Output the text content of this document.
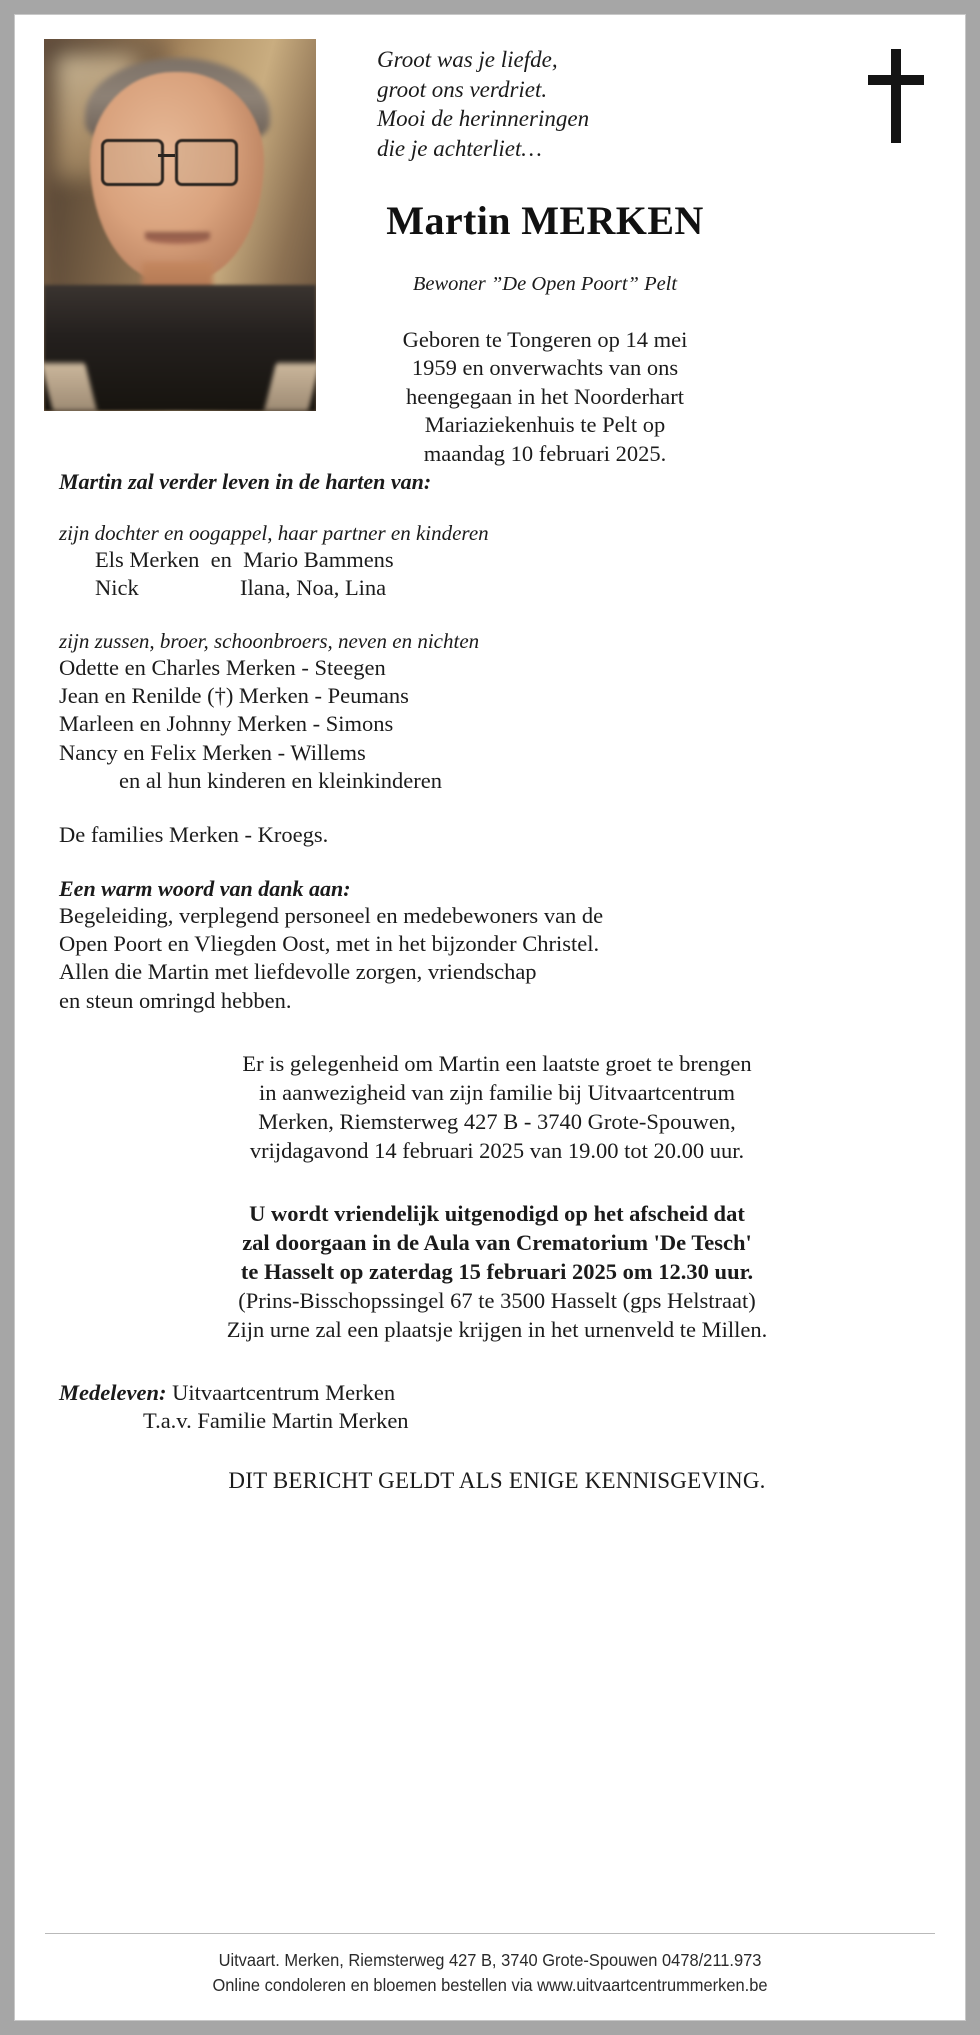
Groot was je liefde,
groot ons verdriet.
Mooi de herinneringen
die je achterliet…
Martin MERKEN
Bewoner ”De Open Poort” Pelt
Geboren te Tongeren op 14 mei
1959 en onverwachts van ons
heengegaan in het Noorderhart
Mariaziekenhuis te Pelt op
maandag 10 februari 2025.
Martin zal verder leven in de harten van:
zijn dochter en oogappel, haar partner en kinderen
Els Merken  en  Mario Bammens
Nick                  Ilana, Noa, Lina
zijn zussen, broer, schoonbroers, neven en nichten
Odette en Charles Merken - Steegen
Jean en Renilde (†) Merken - Peumans
Marleen en Johnny Merken - Simons
Nancy en Felix Merken - Willems
en al hun kinderen en kleinkinderen
De families Merken - Kroegs.
Een warm woord van dank aan:
Begeleiding, verplegend personeel en medebewoners van de
Open Poort en Vliegden Oost, met in het bijzonder Christel.
Allen die Martin met liefdevolle zorgen, vriendschap
en steun omringd hebben.
Er is gelegenheid om Martin een laatste groet te brengen
in aanwezigheid van zijn familie bij Uitvaartcentrum
Merken, Riemsterweg 427 B - 3740 Grote-Spouwen,
vrijdagavond 14 februari 2025 van 19.00 tot 20.00 uur.
U wordt vriendelijk uitgenodigd op het afscheid dat
zal doorgaan in de Aula van Crematorium 'De Tesch'
te Hasselt op zaterdag 15 februari 2025 om 12.30 uur.
(Prins-Bisschopssingel 67 te 3500 Hasselt (gps Helstraat)
Zijn urne zal een plaatsje krijgen in het urnenveld te Millen.
Medeleven: Uitvaartcentrum Merken
T.a.v. Familie Martin Merken
DIT BERICHT GELDT ALS ENIGE KENNISGEVING.
Uitvaart. Merken, Riemsterweg 427 B, 3740 Grote-Spouwen 0478/211.973
Online condoleren en bloemen bestellen via www.uitvaartcentrummerken.be
